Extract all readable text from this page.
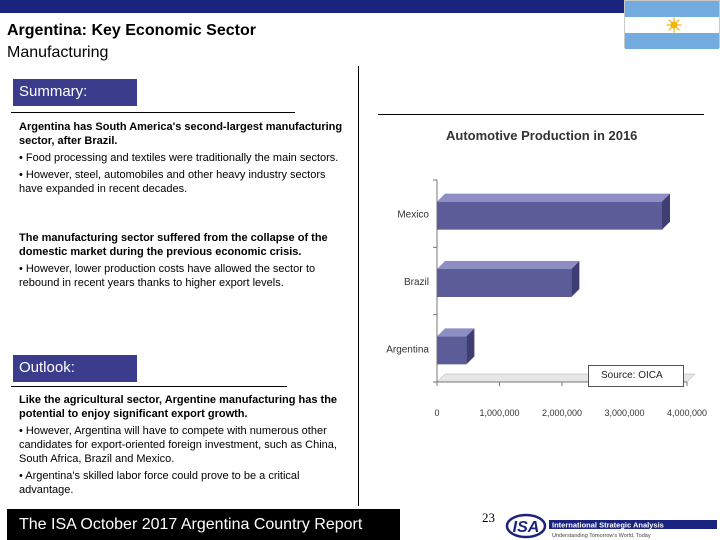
Argentina: Key Economic Sector
Manufacturing
Summary:

Argentina has South America's second-largest manufacturing sector, after Brazil.

• Food processing and textiles were traditionally the main sectors.

• However, steel, automobiles and other heavy industry sectors have expanded in recent decades.

The manufacturing sector suffered from the collapse of the domestic market during the previous economic crisis.

• However, lower production costs have allowed the sector to rebound in recent years thanks to higher export levels.

Outlook:

Like the agricultural sector, Argentine manufacturing has the potential to enjoy significant export growth.

• However, Argentina will have to compete with numerous other candidates for export-oriented foreign investment, such as China, South Africa, Brazil and Mexico.

• Argentina's skilled labor force could prove to be a critical advantage.

Automotive Production in 2016
0	1,000,000 2,000,000 3,000,000 4,000,000
Mexico
Brazil
Argentina
Source: OICA
The ISA October 2017 Argentina Country Report	23
ISA International Strategic Analysis
Understanding Tomorrow's World, Today
